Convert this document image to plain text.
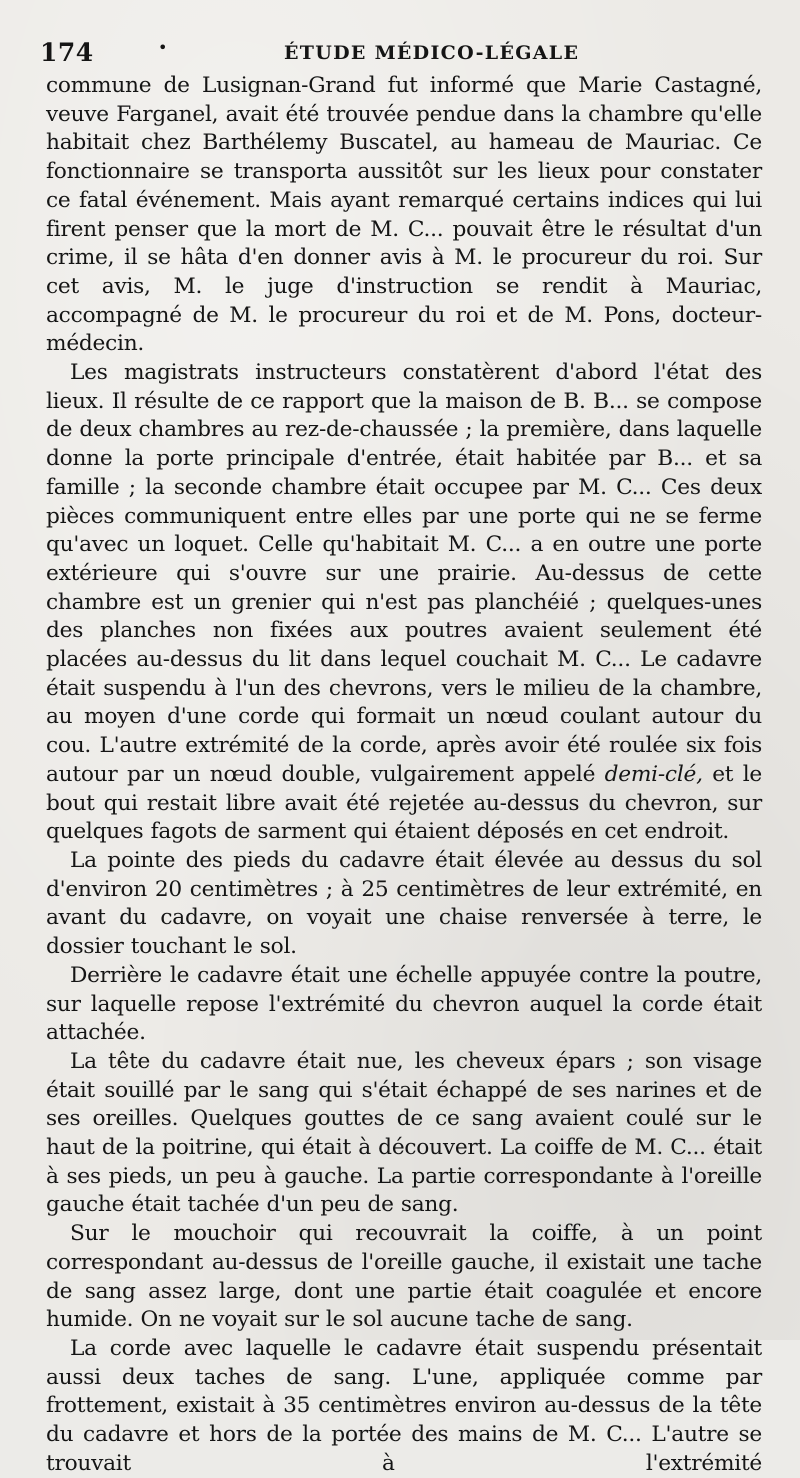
174	•	ÉTUDE MÉDICO-LÉGALE

commune de Lusignan-Grand fut informé que Marie Castagné, veuve Farganel, avait été trouvée pendue dans la chambre qu'elle habitait chez Barthélemy Buscatel, au hameau de Mauriac. Ce fonctionnaire se transporta aussitôt sur les lieux pour constater ce fatal événement. Mais ayant remarqué certains indices qui lui firent penser que la mort de M. C... pouvait être le résultat d'un crime, il se hâta d'en donner avis à M. le procureur du roi. Sur cet avis, M. le juge d'instruction se rendit à Mauriac, accompagné de M. le procureur du roi et de M. Pons, docteur-médecin.

Les magistrats instructeurs constatèrent d'abord l'état des lieux. Il résulte de ce rapport que la maison de B. B... se compose de deux chambres au rez-de-chaussée ; la première, dans laquelle donne la porte principale d'entrée, était habitée par B... et sa famille ; la seconde chambre était occupee par M. C... Ces deux pièces communiquent entre elles par une porte qui ne se ferme qu'avec un loquet. Celle qu'habitait M. C... a en outre une porte extérieure qui s'ouvre sur une prairie. Au-dessus de cette chambre est un grenier qui n'est pas planchéié ; quelques-unes des planches non fixées aux poutres avaient seulement été placées au-dessus du lit dans lequel couchait M. C... Le cadavre était suspendu à l'un des chevrons, vers le milieu de la chambre, au moyen d'une corde qui formait un nœud coulant autour du cou. L'autre extrémité de la corde, après avoir été roulée six fois autour par un nœud double, vulgairement appelé demi-clé, et le bout qui restait libre avait été rejetée au-dessus du chevron, sur quelques fagots de sarment qui étaient déposés en cet endroit.

La pointe des pieds du cadavre était élevée au dessus du sol d'environ 20 centimètres ; à 25 centimètres de leur extrémité, en avant du cadavre, on voyait une chaise renversée à terre, le dossier touchant le sol.

Derrière le cadavre était une échelle appuyée contre la poutre, sur laquelle repose l'extrémité du chevron auquel la corde était attachée.

La tête du cadavre était nue, les cheveux épars ; son visage était souillé par le sang qui s'était échappé de ses narines et de ses oreilles. Quelques gouttes de ce sang avaient coulé sur le haut de la poitrine, qui était à découvert. La coiffe de M. C... était à ses pieds, un peu à gauche. La partie correspondante à l'oreille gauche était tachée d'un peu de sang.

Sur le mouchoir qui recouvrait la coiffe, à un point correspondant au-dessus de l'oreille gauche, il existait une tache de sang assez large, dont une partie était coagulée et encore humide. On ne voyait sur le sol aucune tache de sang.

La corde avec laquelle le cadavre était suspendu présentait aussi deux taches de sang. L'une, appliquée comme par frottement, existait à 35 centimètres environ au-dessus de la tête du cadavre et hors de la portée des mains de M. C... L'autre se trouvait à l'extrémité
